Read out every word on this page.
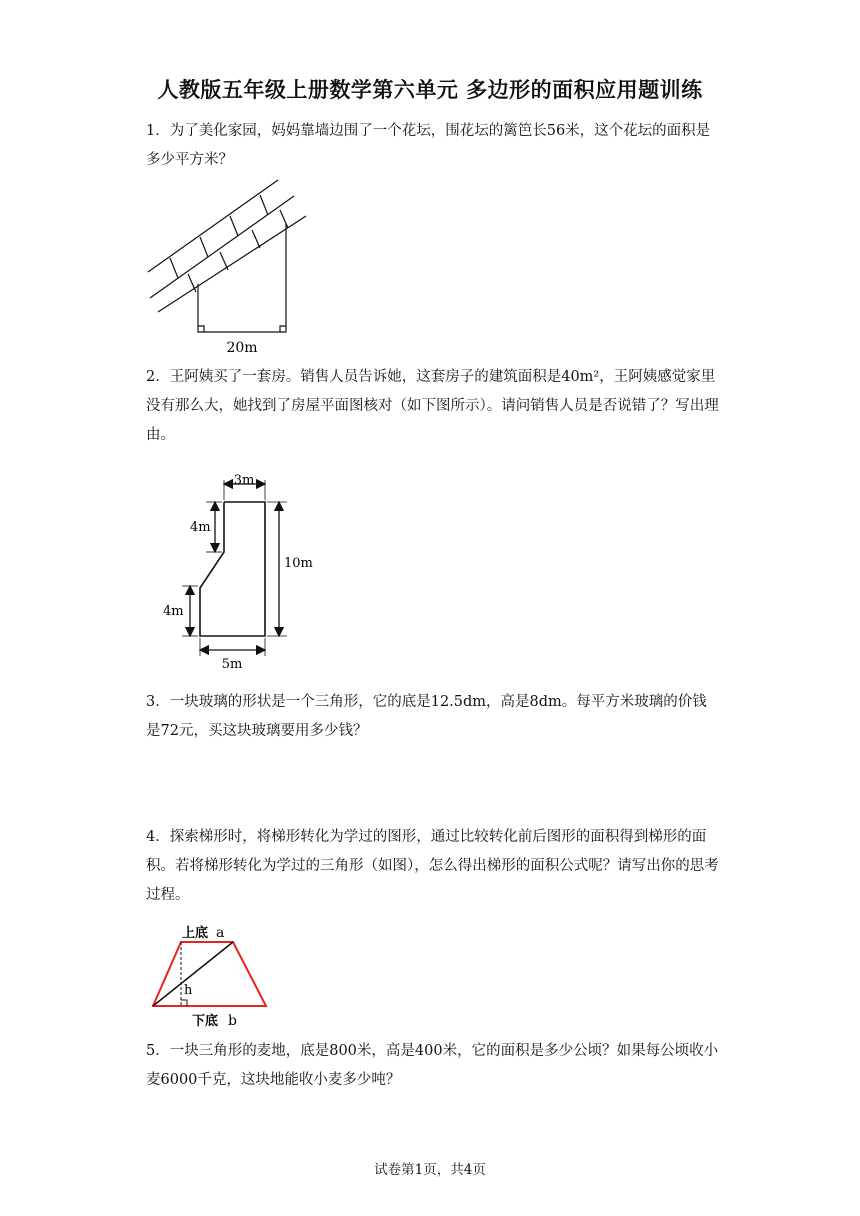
人教版五年级上册数学第六单元 多边形的面积应用题训练
1．为了美化家园，妈妈靠墙边围了一个花坛，围花坛的篱笆长56米，这个花坛的面积是多少平方米？
20m
2．王阿姨买了一套房。销售人员告诉她，这套房子的建筑面积是40m²，王阿姨感觉家里没有那么大，她找到了房屋平面图核对（如下图所示）。请问销售人员是否说错了？写出理由。
3m
4m
4m
10m
5m
3．一块玻璃的形状是一个三角形，它的底是12.5dm，高是8dm。每平方米玻璃的价钱是72元，买这块玻璃要用多少钱？
4．探索梯形时，将梯形转化为学过的图形，通过比较转化前后图形的面积得到梯形的面积。若将梯形转化为学过的三角形（如图），怎么得出梯形的面积公式呢？请写出你的思考过程。
上底 a
h
下底 b
5．一块三角形的麦地，底是800米，高是400米，它的面积是多少公顷？如果每公顷收小麦6000千克，这块地能收小麦多少吨？
试卷第1页，共4页
